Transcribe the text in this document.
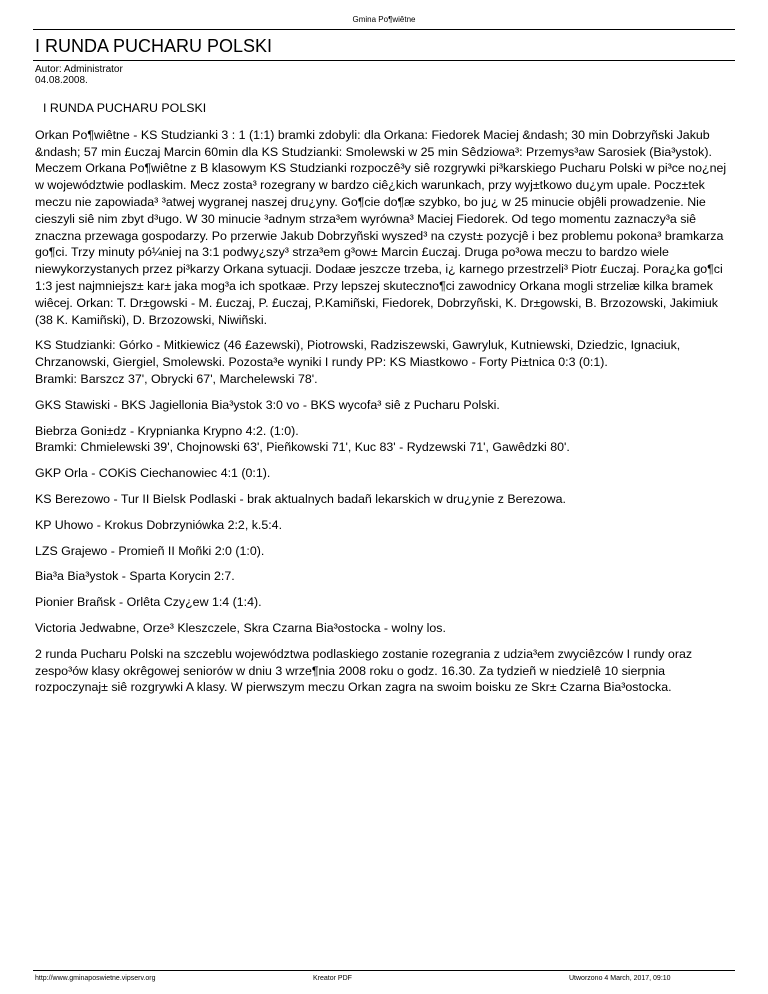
Gmina Po¶wiêtne
I RUNDA PUCHARU POLSKI
Autor: Administrator
04.08.2008.

I RUNDA PUCHARU POLSKI

Orkan Po¶wiêtne - KS Studzianki 3 : 1 (1:1) bramki zdobyli: dla Orkana: Fiedorek Maciej &ndash; 30 min Dobrzyñski Jakub &ndash; 57 min £uczaj Marcin 60min dla KS Studzianki: Smolewski w 25 min Sêdziowa³: Przemys³aw Sarosiek (Bia³ystok).

Meczem Orkana Po¶wiêtne z B klasowym KS Studzianki rozpoczê³y siê rozgrywki pi³karskiego Pucharu Polski w pi³ce no¿nej w województwie podlaskim. Mecz zosta³ rozegrany w bardzo ciê¿kich warunkach, przy wyj±tkowo du¿ym upale. Pocz±tek meczu nie zapowiada³ ³atwej wygranej naszej dru¿yny. Go¶cie do¶æ szybko, bo ju¿ w 25 minucie objêli prowadzenie. Nie cieszyli siê nim zbyt d³ugo. W 30 minucie ³adnym strza³em wyrówna³ Maciej Fiedorek. Od tego momentu zaznaczy³a siê znaczna przewaga gospodarzy. Po przerwie Jakub Dobrzyñski wyszed³ na czyst± pozycjê i bez problemu pokona³ bramkarza go¶ci. Trzy minuty pó¼niej na 3:1 podwy¿szy³ strza³em g³ow± Marcin £uczaj. Druga po³owa meczu to bardzo wiele niewykorzystanych przez pi³karzy Orkana sytuacji. Dodaæ jeszcze trzeba, i¿ karnego przestrzeli³ Piotr £uczaj. Pora¿ka go¶ci 1:3 jest najmniejsz± kar± jaka mog³a ich spotkaæ. Przy lepszej skuteczno¶ci zawodnicy Orkana mogli strzeliæ kilka bramek wiêcej. Orkan: T. Dr±gowski - M. £uczaj, P. £uczaj, P.Kamiñski, Fiedorek, Dobrzyñski, K. Dr±gowski, B. Brzozowski, Jakimiuk (38 K. Kamiñski), D. Brzozowski, Niwiñski.

KS Studzianki: Górko - Mitkiewicz (46 £azewski), Piotrowski, Radziszewski, Gawryluk, Kutniewski, Dziedzic, Ignaciuk, Chrzanowski, Giergiel, Smolewski. Pozosta³e wyniki I rundy PP: KS Miastkowo - Forty Pi±tnica 0:3 (0:1).

Bramki: Barszcz 37', Obrycki 67', Marchelewski 78'.

GKS Stawiski - BKS Jagiellonia Bia³ystok 3:0 vo - BKS wycofa³ siê z Pucharu Polski.

Biebrza Goni±dz - Krypnianka Krypno 4:2. (1:0).

Bramki: Chmielewski 39', Chojnowski 63', Pieñkowski 71', Kuc 83' - Rydzewski 71', Gawêdzki 80'.

GKP Orla - COKiS Ciechanowiec 4:1 (0:1).

KS Berezowo - Tur II Bielsk Podlaski - brak aktualnych badañ lekarskich w dru¿ynie z Berezowa.

KP Uhowo - Krokus Dobrzyniówka 2:2, k.5:4.

LZS Grajewo - Promieñ II Moñki 2:0 (1:0).

Bia³a Bia³ystok - Sparta Korycin 2:7.

Pionier Brañsk - Orlêta Czy¿ew 1:4 (1:4).

Victoria Jedwabne, Orze³ Kleszczele, Skra Czarna Bia³ostocka - wolny los.

2 runda Pucharu Polski na szczeblu województwa podlaskiego zostanie rozegrania z udzia³em zwyciêzców I rundy oraz zespo³ów klasy okrêgowej seniorów w dniu 3 wrze¶nia 2008 roku o godz. 16.30. Za tydzieñ w niedzielê 10 sierpnia rozpoczynaj± siê rozgrywki A klasy. W pierwszym meczu Orkan zagra na swoim boisku ze Skr± Czarna Bia³ostocka.

http://www.gminaposwietne.vipserv.org	Kreator PDF	Utworzono 4 March, 2017, 09:10
